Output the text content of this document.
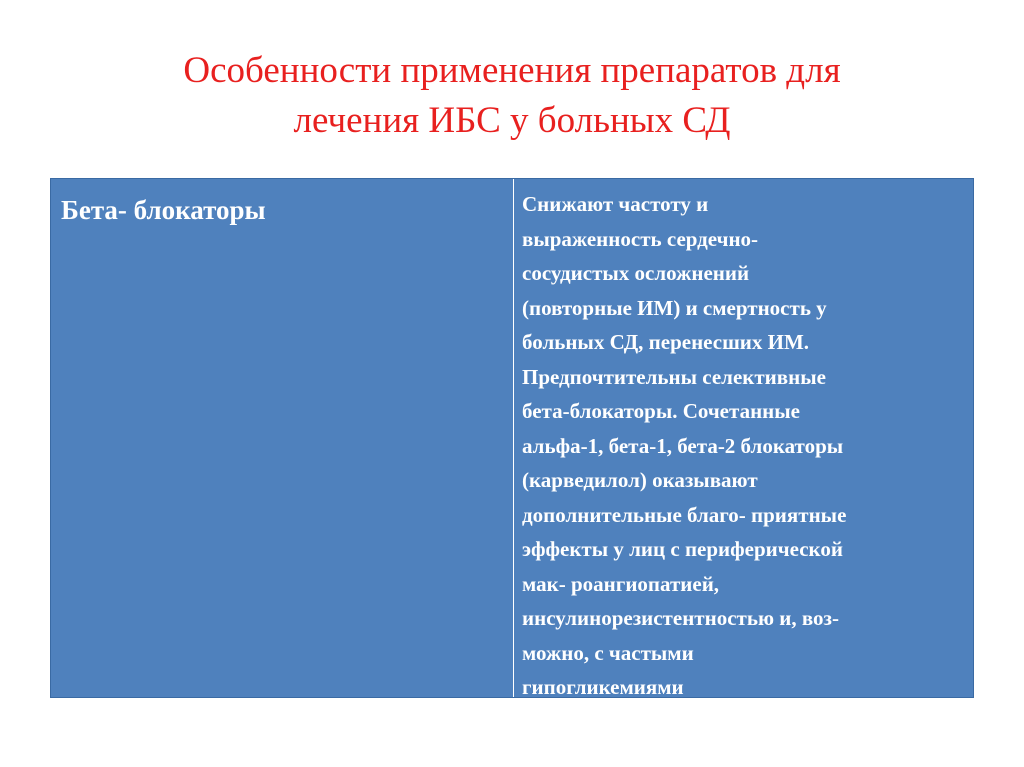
Особенности применения препаратов для
лечения ИБС у больных СД
Бета- блокаторы	Снижают частоту и
выраженность сердечно-
сосудистых осложнений
(повторные ИМ) и смертность у
больных СД, перенесших ИМ.
Предпочтительны селективные
бета-блокаторы. Сочетанные
альфа-1, бета-1, бета-2 блокаторы
(карведилол) оказывают
дополнительные благо- приятные
эффекты у лиц с периферической
мак- роангиопатией,
инсулинорезистентностью и, воз-
можно, с частыми
гипогликемиями
